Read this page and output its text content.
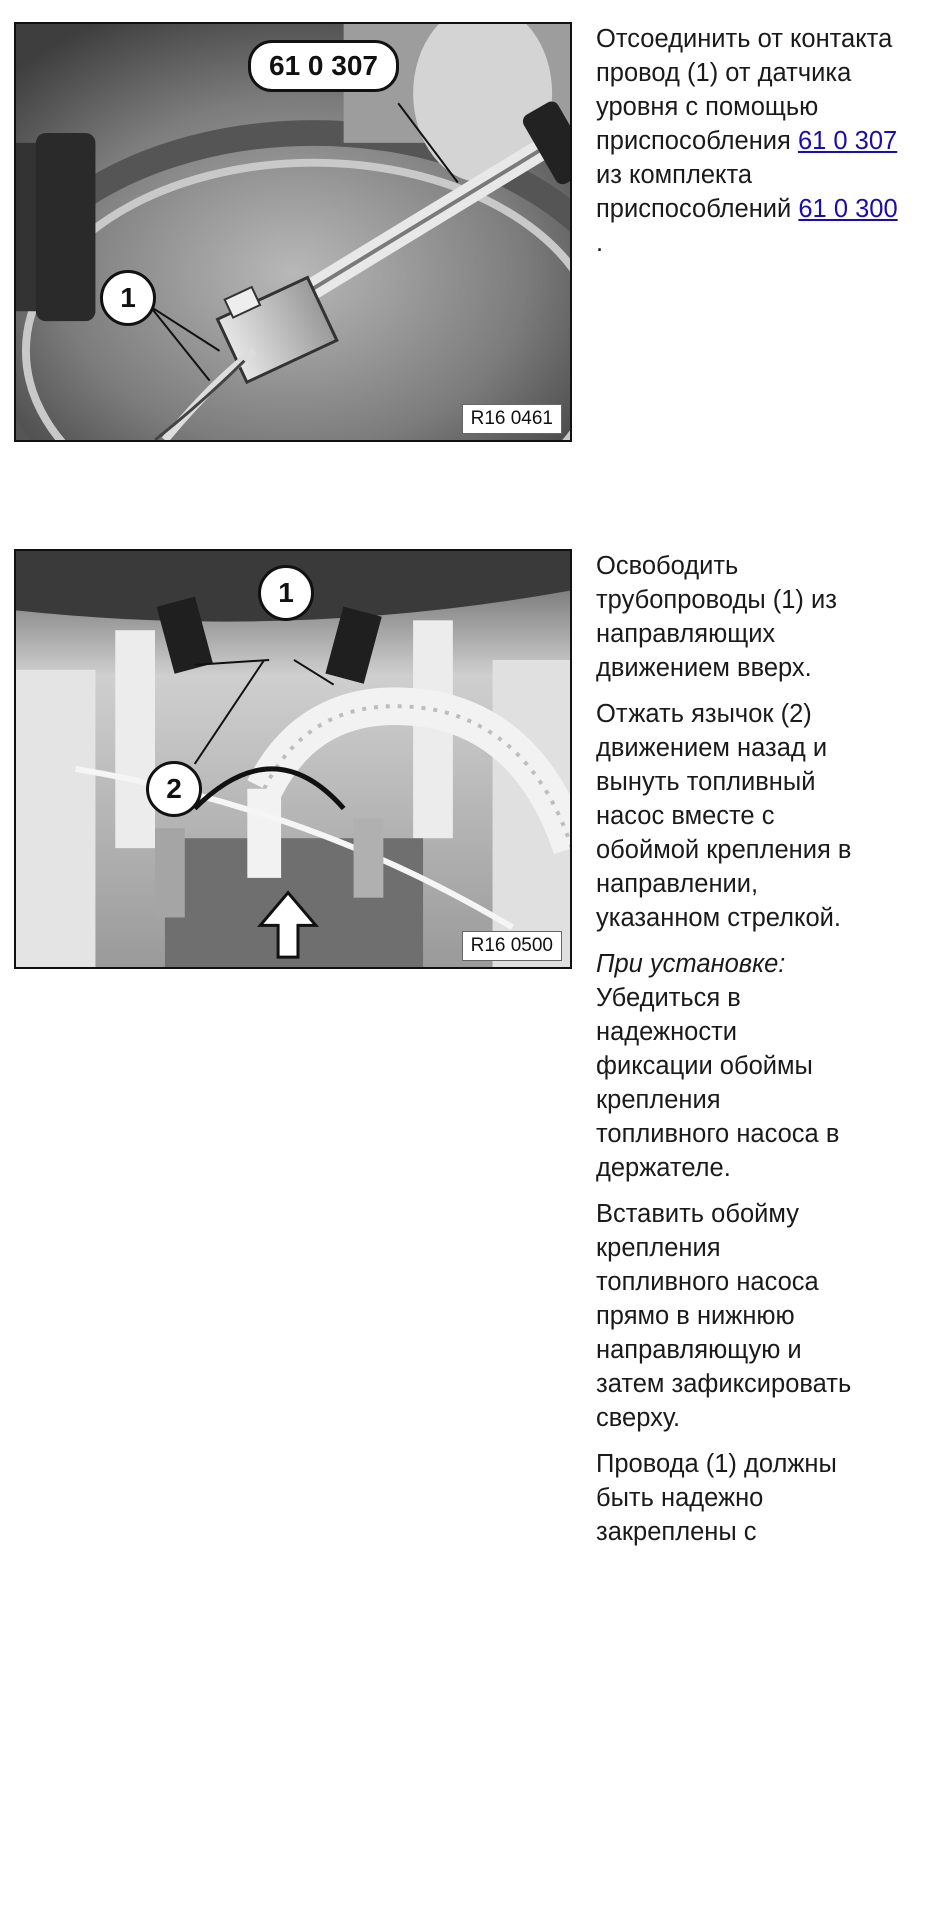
61 0 307
1
R16 0461
Отсоединить от контакта
провод (1) от датчика
уровня с помощью
приспособления 61 0 307
из комплекта
приспособлений 61 0 300
.
1
2
R16 0500

Освободить трубопроводы (1) из направляющих движением вверх.

Отжать язычок (2) движением назад и вынуть топливный насос вместе с обоймой крепления в направлении, указанном стрелкой.

При установке:
Убедиться в надежности фиксации обоймы крепления топливного насоса в держателе.

Вставить обойму крепления топливного насоса прямо в нижнюю направляющую и затем зафиксировать сверху.

Провода (1) должны быть надежно закреплены с
